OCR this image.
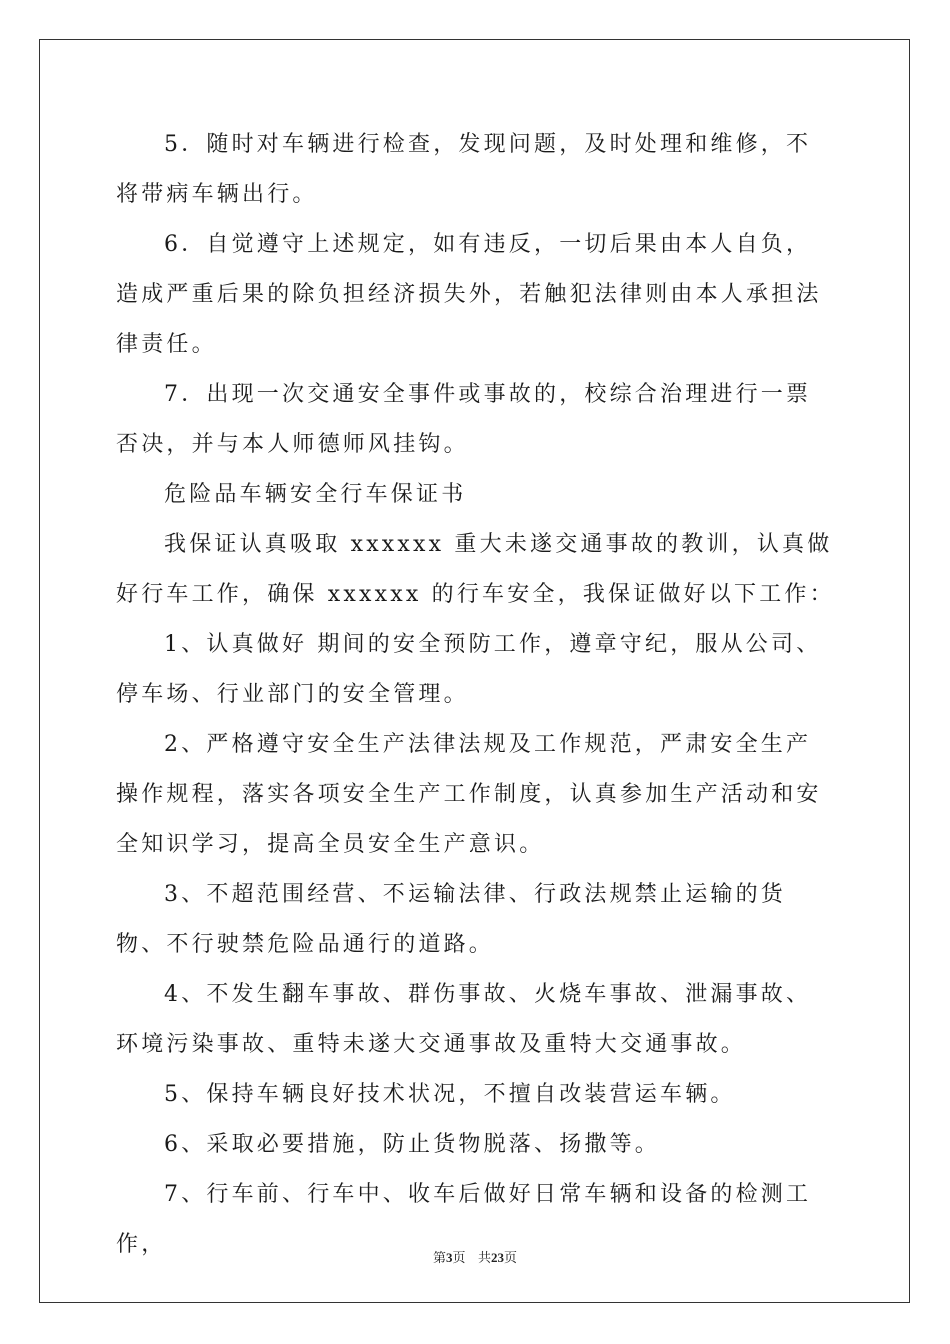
5．随时对车辆进行检查，发现问题，及时处理和维修，不将带病车辆出行。

6．自觉遵守上述规定，如有违反，一切后果由本人自负，造成严重后果的除负担经济损失外，若触犯法律则由本人承担法律责任。

7．出现一次交通安全事件或事故的，校综合治理进行一票否决，并与本人师德师风挂钩。

危险品车辆安全行车保证书

我保证认真吸取 xxxxxx 重大未遂交通事故的教训，认真做好行车工作，确保 xxxxxx 的行车安全，我保证做好以下工作：

1、认真做好 期间的安全预防工作，遵章守纪，服从公司、停车场、行业部门的安全管理。

2、严格遵守安全生产法律法规及工作规范，严肃安全生产操作规程，落实各项安全生产工作制度，认真参加生产活动和安全知识学习，提高全员安全生产意识。

3、不超范围经营、不运输法律、行政法规禁止运输的货物、不行驶禁危险品通行的道路。

4、不发生翻车事故、群伤事故、火烧车事故、泄漏事故、环境污染事故、重特未遂大交通事故及重特大交通事故。

5、保持车辆良好技术状况，不擅自改装营运车辆。

6、采取必要措施，防止货物脱落、扬撒等。

7、行车前、行车中、收车后做好日常车辆和设备的检测工作，

第3页 共23页
